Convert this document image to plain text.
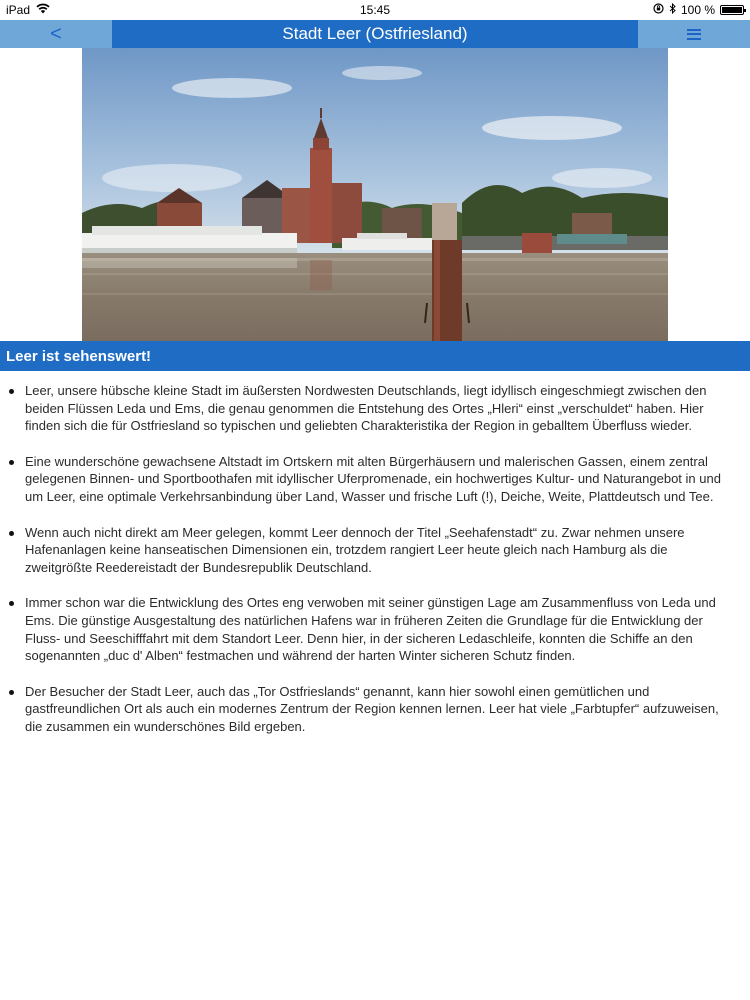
iPad	15:45	100 %
<	Stadt Leer (Ostfriesland)
Leer ist sehenswert!
Leer, unsere hübsche kleine Stadt im äußersten Nordwesten Deutschlands, liegt idyllisch eingeschmiegt zwischen den beiden Flüssen Leda und Ems, die genau genommen die Entstehung des Ortes „Hleri“ einst „verschuldet“ haben. Hier finden sich die für Ostfriesland so typischen und geliebten Charakteristika der Region in geballtem Überfluss wieder.
Eine wunderschöne gewachsene Altstadt im Ortskern mit alten Bürgerhäusern und malerischen Gassen, einem zentral gelegenen Binnen- und Sportboothafen mit idyllischer Uferpromenade, ein hochwertiges Kultur- und Naturangebot in und um Leer, eine optimale Verkehrsanbindung über Land, Wasser und frische Luft (!), Deiche, Weite, Plattdeutsch und Tee.
Wenn auch nicht direkt am Meer gelegen, kommt Leer dennoch der Titel „Seehafenstadt“ zu. Zwar nehmen unsere Hafenanlagen keine hanseatischen Dimensionen ein, trotzdem rangiert Leer heute gleich nach Hamburg als die zweitgrößte Reedereistadt der Bundesrepublik Deutschland.
Immer schon war die Entwicklung des Ortes eng verwoben mit seiner günstigen Lage am Zusammenfluss von Leda und Ems. Die günstige Ausgestaltung des natürlichen Hafens war in früheren Zeiten die Grundlage für die Entwicklung der Fluss- und Seeschifffahrt mit dem Standort Leer. Denn hier, in der sicheren Ledaschleife, konnten die Schiffe an den sogenannten „duc d' Alben“ festmachen und während der harten Winter sicheren Schutz finden.
Der Besucher der Stadt Leer, auch das „Tor Ostfrieslands“ genannt, kann hier sowohl einen gemütlichen und gastfreundlichen Ort als auch ein modernes Zentrum der Region kennen lernen. Leer hat viele „Farbtupfer“ aufzuweisen, die zusammen ein wunderschönes Bild ergeben.
